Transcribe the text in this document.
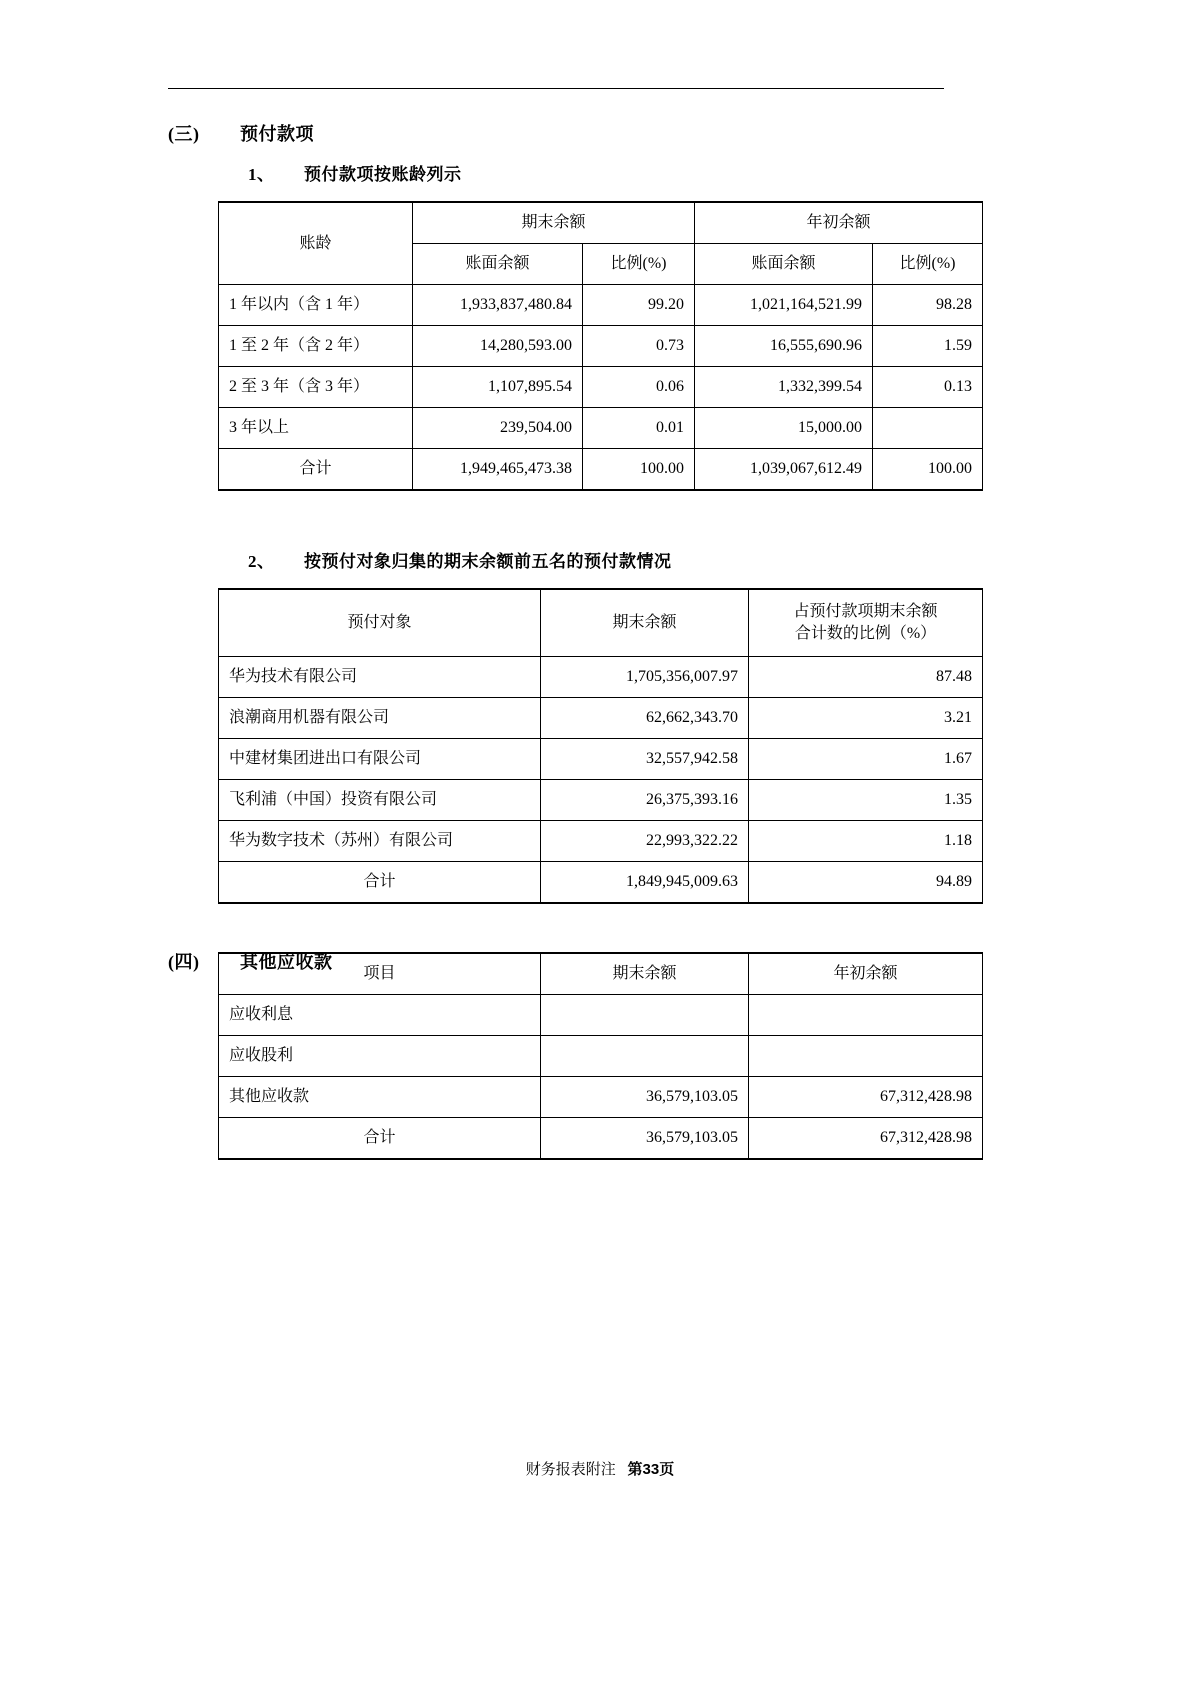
(三)	预付款项
1、	预付款项按账龄列示
账龄	期末余额		年初余额	
	账面余额	比例(%)	账面余额	比例(%)
1 年以内（含 1 年）	1,933,837,480.84	99.20	1,021,164,521.99	98.28
1 至 2 年（含 2 年）	14,280,593.00	0.73	16,555,690.96	1.59
2 至 3 年（含 3 年）	1,107,895.54	0.06	1,332,399.54	0.13
3 年以上	239,504.00	0.01	15,000.00	
合计	1,949,465,473.38	100.00	1,039,067,612.49	100.00
2、	按预付对象归集的期末余额前五名的预付款情况
预付对象	期末余额	占预付款项期末余额
合计数的比例（%）

华为技术有限公司	1,705,356,007.97	87.48
浪潮商用机器有限公司	62,662,343.70	3.21
中建材集团进出口有限公司	32,557,942.58	1.67
飞利浦（中国）投资有限公司	26,375,393.16	1.35
华为数字技术（苏州）有限公司	22,993,322.22	1.18
合计	1,849,945,009.63	94.89
(四)	其他应收款
项目	期末余额	年初余额
应收利息		
应收股利		
其他应收款	36,579,103.05	67,312,428.98
合计	36,579,103.05	67,312,428.98
财务报表附注 第33页
